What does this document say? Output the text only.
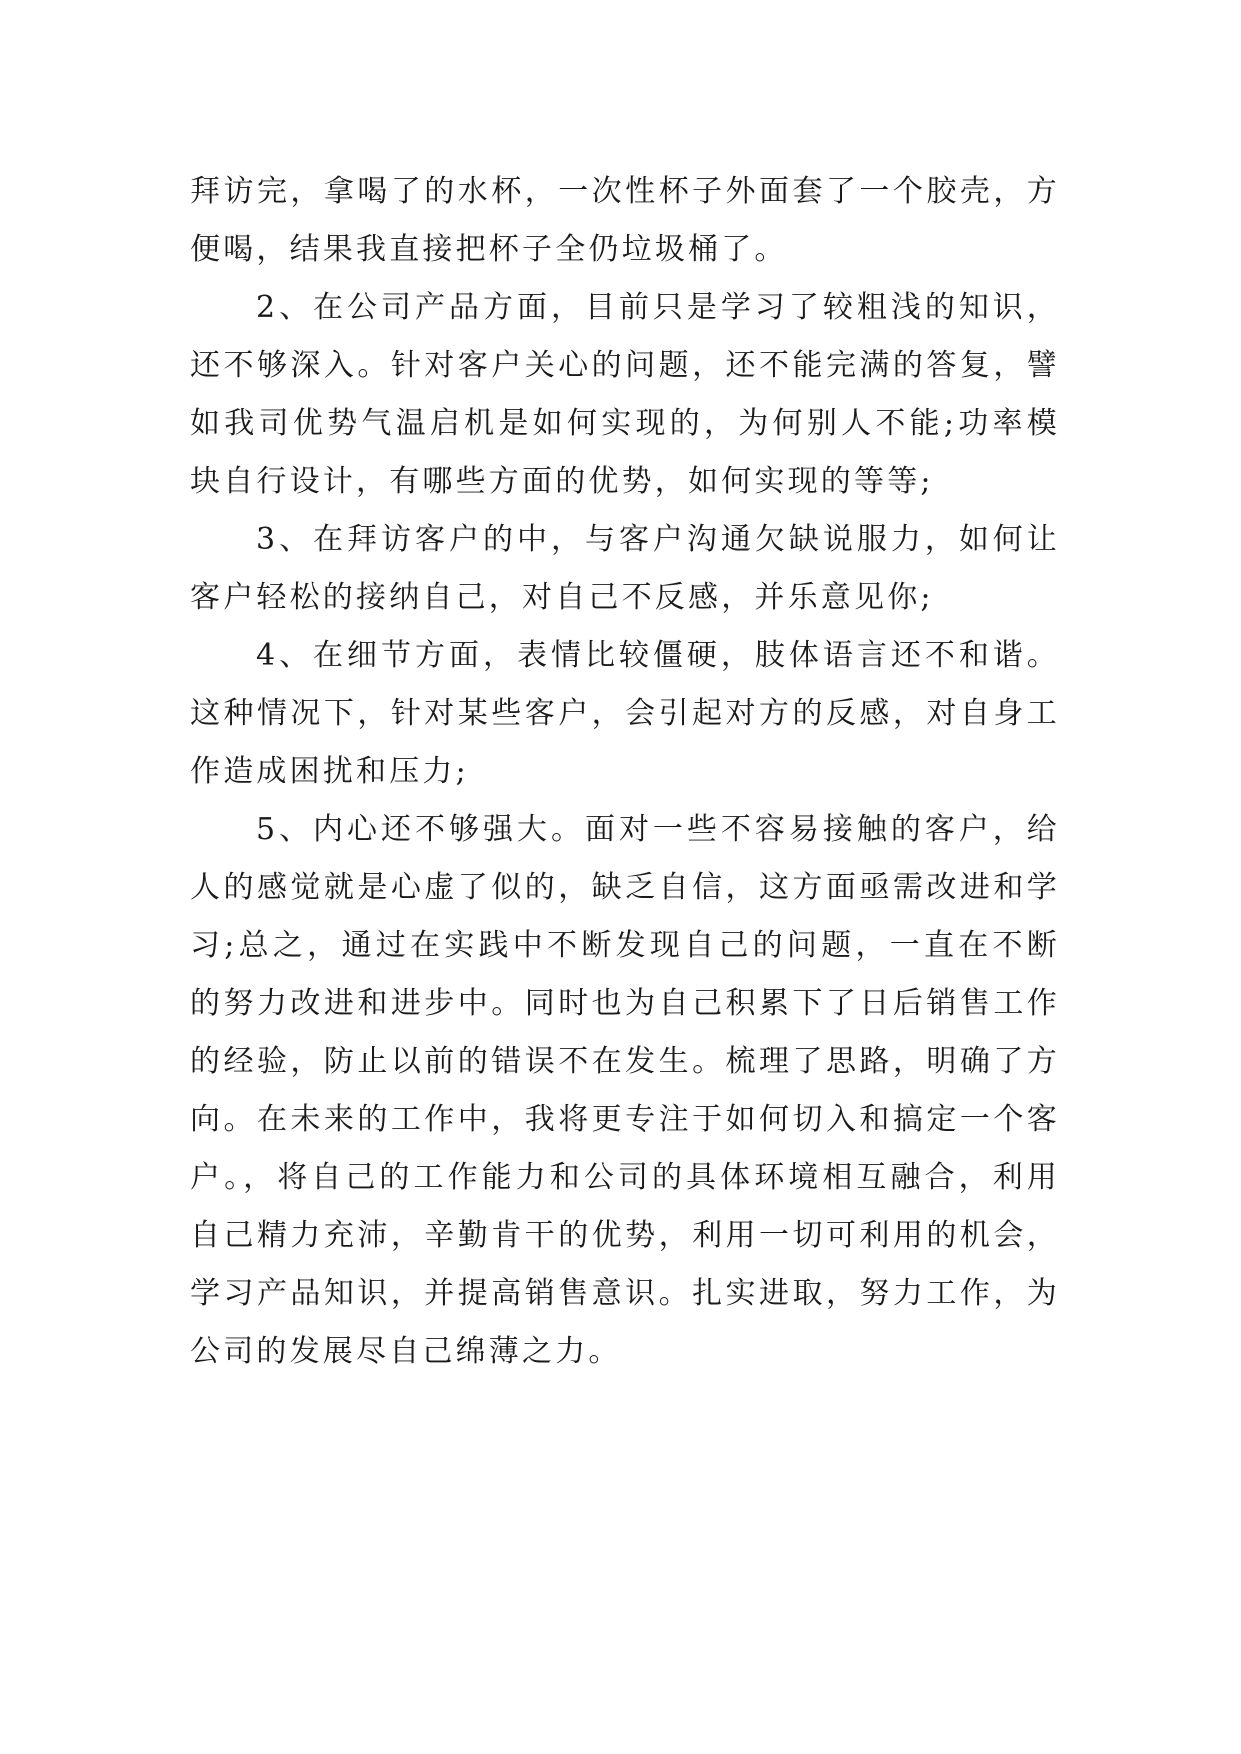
拜访完，拿喝了的水杯，一次性杯子外面套了一个胶壳，方便喝，结果我直接把杯子全仍垃圾桶了。

2、在公司产品方面，目前只是学习了较粗浅的知识，还不够深入。针对客户关心的问题，还不能完满的答复，譬如我司优势气温启机是如何实现的，为何别人不能;功率模块自行设计，有哪些方面的优势，如何实现的等等;

3、在拜访客户的中，与客户沟通欠缺说服力，如何让客户轻松的接纳自己，对自己不反感，并乐意见你;

4、在细节方面，表情比较僵硬，肢体语言还不和谐。这种情况下，针对某些客户，会引起对方的反感，对自身工作造成困扰和压力;

5、内心还不够强大。面对一些不容易接触的客户，给人的感觉就是心虚了似的，缺乏自信，这方面亟需改进和学习;总之，通过在实践中不断发现自己的问题，一直在不断的努力改进和进步中。同时也为自己积累下了日后销售工作的经验，防止以前的错误不在发生。梳理了思路，明确了方向。在未来的工作中，我将更专注于如何切入和搞定一个客户。，将自己的工作能力和公司的具体环境相互融合，利用自己精力充沛，辛勤肯干的优势，利用一切可利用的机会，学习产品知识，并提高销售意识。扎实进取，努力工作，为公司的发展尽自己绵薄之力。
